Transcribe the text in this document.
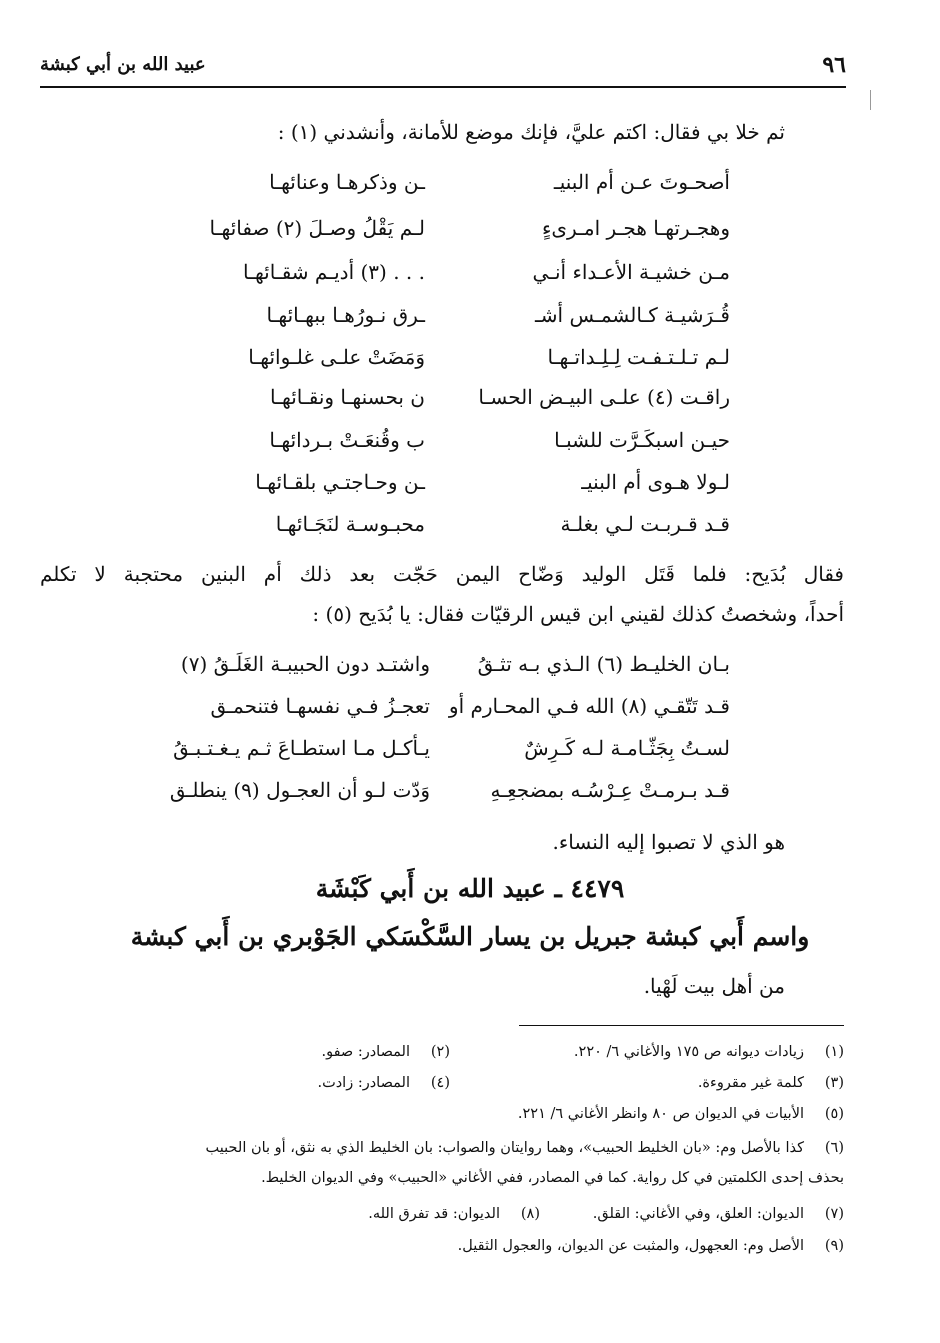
٩٦
عبيد الله بن أبي كبشة
ثم خلا بي فقال: اكتم عليَّ، فإنك موضع للأمانة، وأنشدني (١) :
أصحـوتَ عـن أم البنيـ
ـن وذكرهـا وعنائهـا
وهجـرتهـا هجـر امـرىءٍ
لـم يَقْلُ وصـلَ (٢) صفائهـا
مـن خشيـة الأعـداء أنـي
. . . (٣) أديـم شقـائهـا
قُـرَشيـة كـالشمـس أشـ
ـرق نـورُهـا ببهـائهـا
لـم تـلـتـفـت لِـلِـداتـهـا
وَمَضَتْ علـى غلـوائهـا
راقـت (٤) علـى البيـض الحسـا
ن بحسنهـا ونقـائهـا
حيـن اسبكَـرَّت للشبـا
ب وقُنعَـتْ بـردائهـا
لـولا هـوى أم البنيـ
ـن وحـاجتـي بلقـائهـا
قـد قـربـت لـي بغلـة
محبـوسـة لنَجَـائهـا
فقال بُدَيح: فلما قَتَل الوليد وَضّاح اليمن حَجّت بعد ذلك أم البنين محتجبة لا تكلم
أحداً، وشخصتُ كذلك لقيني ابن قيس الرقيّات فقال: يا بُدَيح (٥) :
بـان الخليـط (٦) الـذي بـه تثـقُ
واشتـد دون الحبيبـة الغَلَـقُ (٧)
قـد تَتّقـي (٨) الله فـي المحـارم أو
تعجـزُ فـي نفسهـا فتنحمـق
لسـتُ بِجَثّـامـة لـه كَـرِشٌ
يـأكـل مـا استطـاعَ ثـم يـغـتـبـقُ
قـد بـرمـتْ عِـرْسُـه بمضجعِـهِ
وَدّت لـو أن العجـول (٩) ينطلـق
هو الذي لا تصبوا إليه النساء.
٤٤٧٩ ـ عبيد الله بن أَبي كَبْشَة
واسم أَبي كبشة جبريل بن يسار السَّكْسَكي الجَوْبري بن أَبي كبشة
من أهل بيت لَهْيا.
(١)زيادات ديوانه ص ١٧٥ والأغاني ٦/ ٢٢٠.
(٢)المصادر: صفو.
(٣)كلمة غير مقروءة.
(٤)المصادر: زادت.
(٥)الأبيات في الديوان ص ٨٠ وانظر الأغاني ٦/ ٢٢١.
(٦)كذا بالأصل وم: «بان الخليط الحبيب»، وهما روايتان والصواب: بان الخليط الذي به نثق، أو بان الحبيب
بحذف إحدى الكلمتين في كل رواية. كما في المصادر، ففي الأغاني «الحبيب» وفي الديوان الخليط.
(٧)الديوان: العلق، وفي الأغاني: القلق.
(٨)الديوان: قد تفرق الله.
(٩)الأصل وم: العجهول، والمثبت عن الديوان، والعجول الثقيل.
